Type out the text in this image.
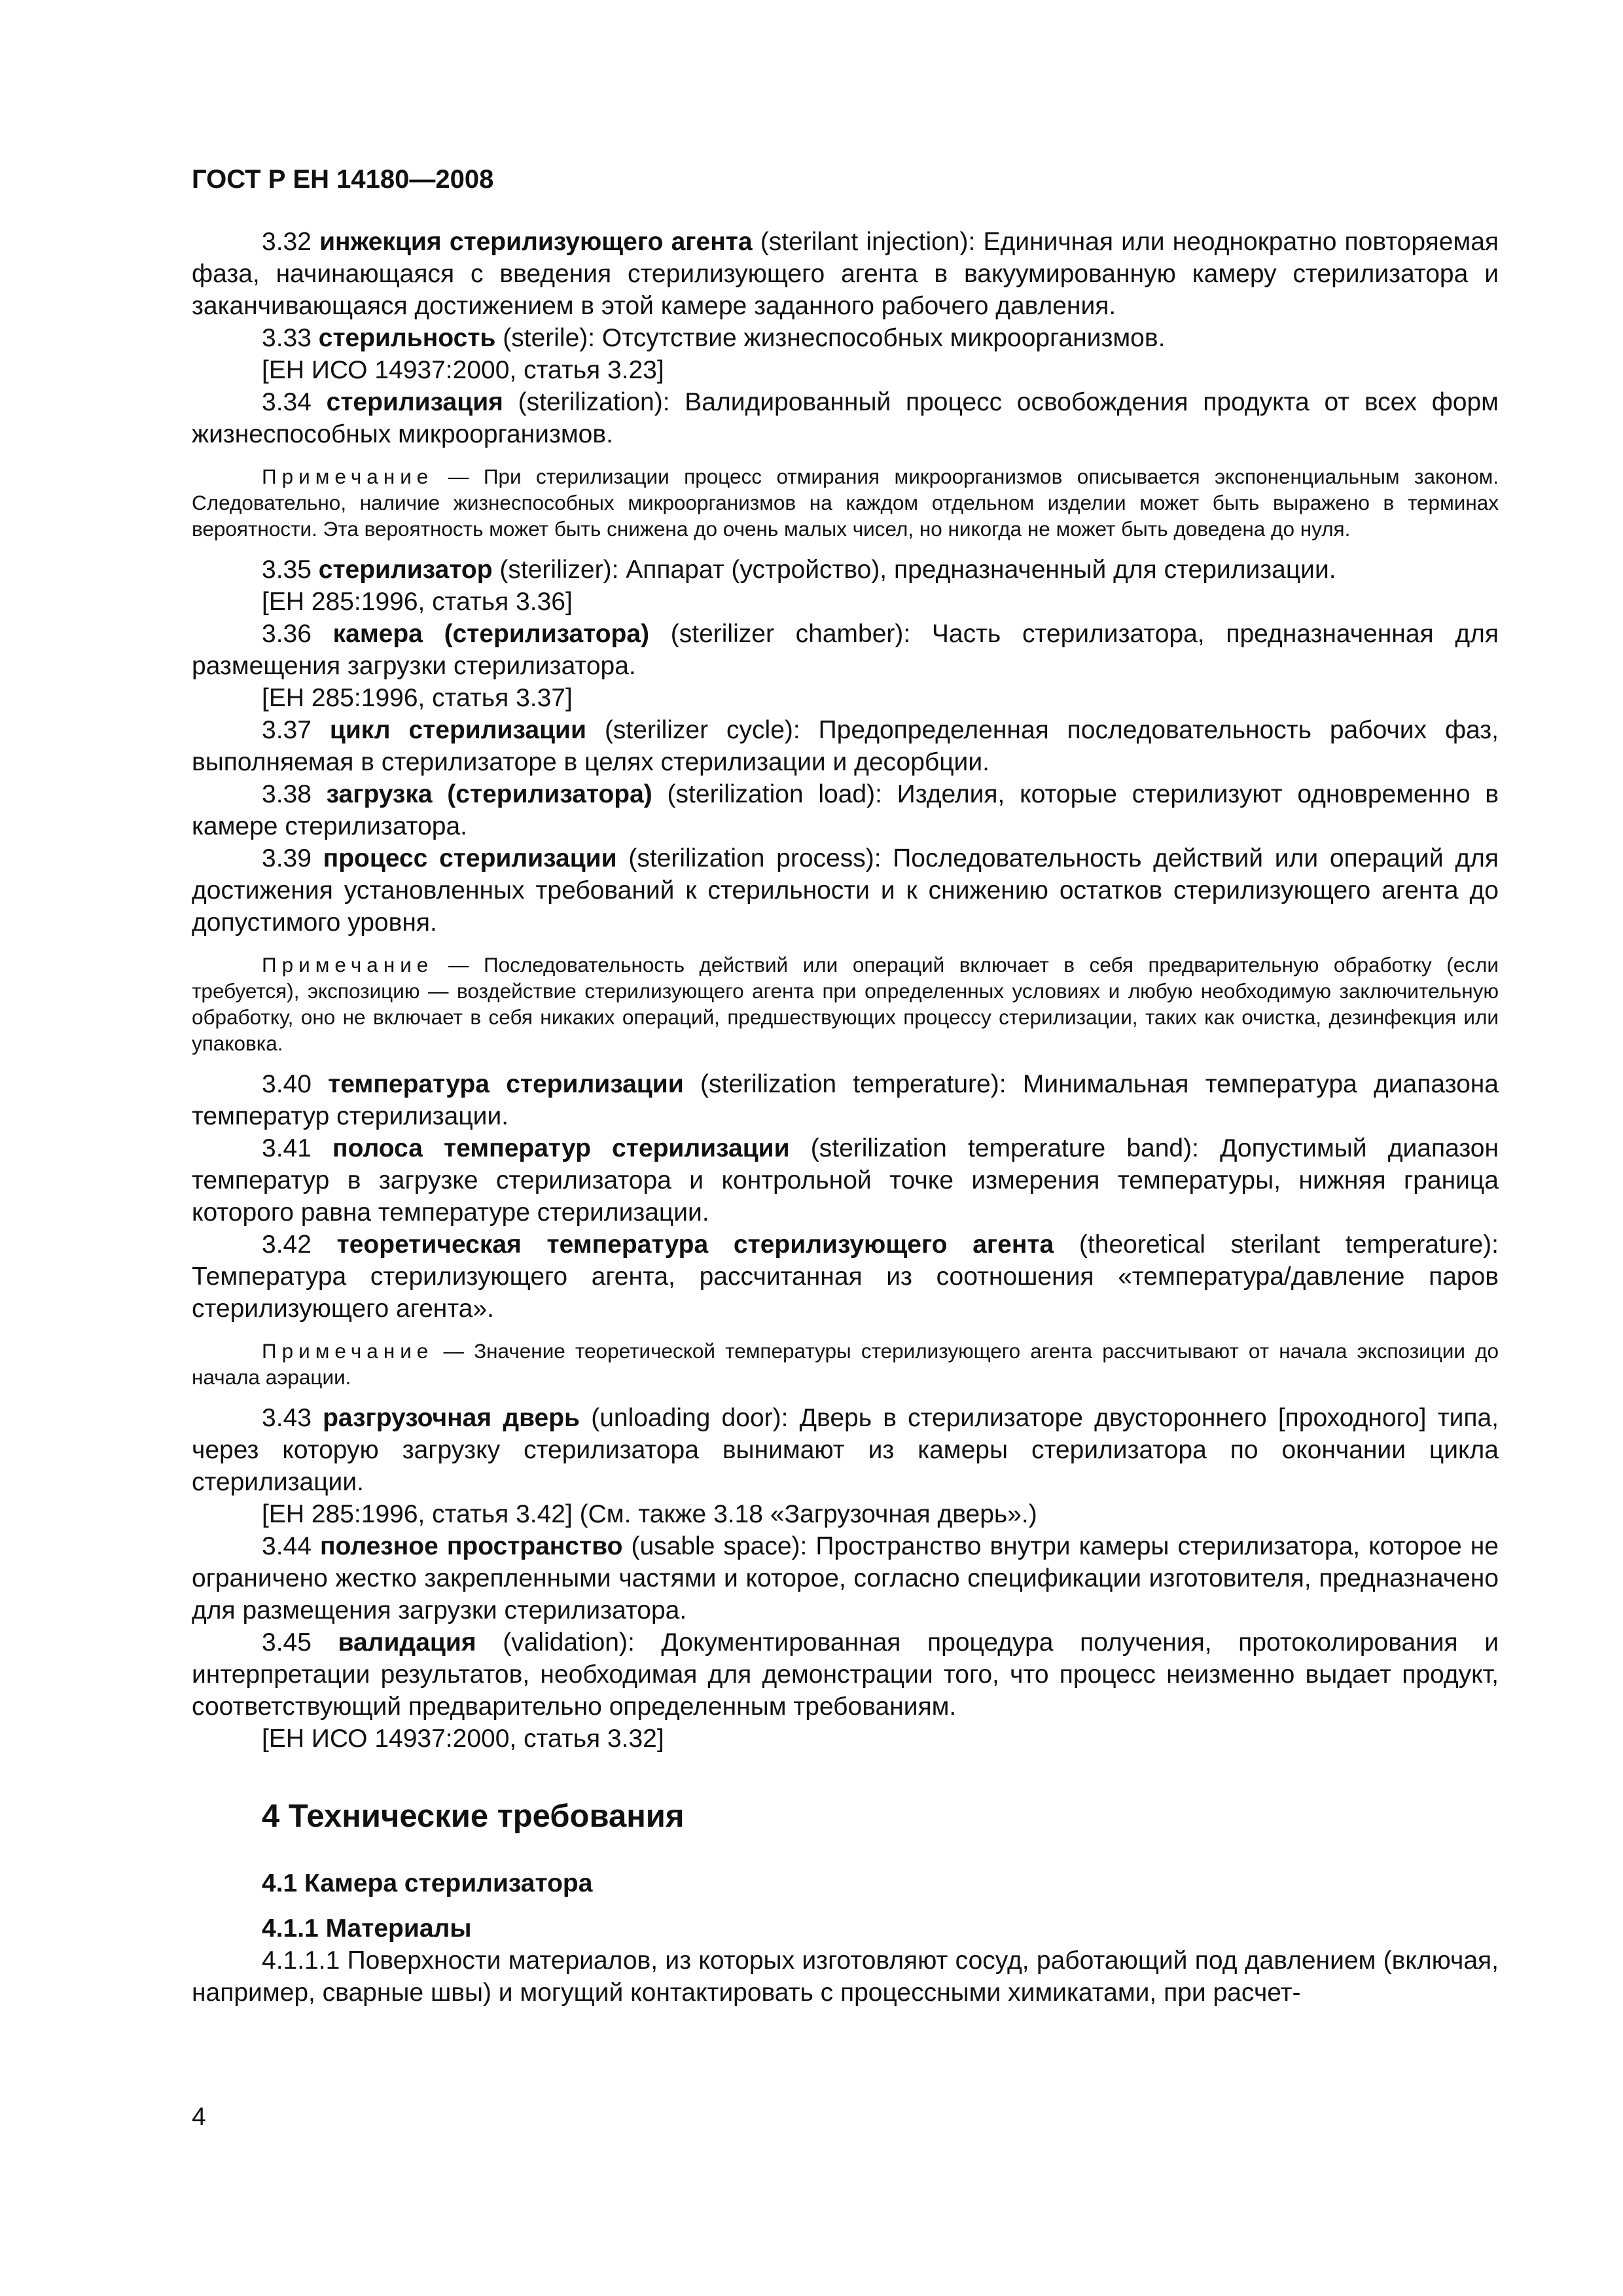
ГОСТ Р ЕН 14180—2008

3.32 инжекция стерилизующего агента (sterilant injection): Единичная или неоднократно повторяемая фаза, начинающаяся с введения стерилизующего агента в вакуумированную камеру стерилизатора и заканчивающаяся достижением в этой камере заданного рабочего давления.

3.33 стерильность (sterile): Отсутствие жизнеспособных микроорганизмов.

[ЕН ИСО 14937:2000, статья 3.23]

3.34 стерилизация (sterilization): Валидированный процесс освобождения продукта от всех форм жизнеспособных микроорганизмов.

Примечание — При стерилизации процесс отмирания микроорганизмов описывается экспоненциальным законом. Следовательно, наличие жизнеспособных микроорганизмов на каждом отдельном изделии может быть выражено в терминах вероятности. Эта вероятность может быть снижена до очень малых чисел, но никогда не может быть доведена до нуля.

3.35 стерилизатор (sterilizer): Аппарат (устройство), предназначенный для стерилизации.

[ЕН 285:1996, статья 3.36]

3.36 камера (стерилизатора) (sterilizer chamber): Часть стерилизатора, предназначенная для размещения загрузки стерилизатора.

[ЕН 285:1996, статья 3.37]

3.37 цикл стерилизации (sterilizer cycle): Предопределенная последовательность рабочих фаз, выполняемая в стерилизаторе в целях стерилизации и десорбции.

3.38 загрузка (стерилизатора) (sterilization load): Изделия, которые стерилизуют одновременно в камере стерилизатора.

3.39 процесс стерилизации (sterilization process): Последовательность действий или операций для достижения установленных требований к стерильности и к снижению остатков стерилизующего агента до допустимого уровня.

Примечание — Последовательность действий или операций включает в себя предварительную обработку (если требуется), экспозицию — воздействие стерилизующего агента при определенных условиях и любую необходимую заключительную обработку, оно не включает в себя никаких операций, предшествующих процессу стерилизации, таких как очистка, дезинфекция или упаковка.

3.40 температура стерилизации (sterilization temperature): Минимальная температура диапазона температур стерилизации.

3.41 полоса температур стерилизации (sterilization temperature band): Допустимый диапазон температур в загрузке стерилизатора и контрольной точке измерения температуры, нижняя граница которого равна температуре стерилизации.

3.42 теоретическая температура стерилизующего агента (theoretical sterilant temperature): Температура стерилизующего агента, рассчитанная из соотношения «температура/давление паров стерилизующего агента».

Примечание — Значение теоретической температуры стерилизующего агента рассчитывают от начала экспозиции до начала аэрации.

3.43 разгрузочная дверь (unloading door): Дверь в стерилизаторе двустороннего [проходного] типа, через которую загрузку стерилизатора вынимают из камеры стерилизатора по окончании цикла стерилизации.

[ЕН 285:1996, статья 3.42] (См. также 3.18 «Загрузочная дверь».)

3.44 полезное пространство (usable space): Пространство внутри камеры стерилизатора, которое не ограничено жестко закрепленными частями и которое, согласно спецификации изготовителя, предназначено для размещения загрузки стерилизатора.

3.45 валидация (validation): Документированная процедура получения, протоколирования и интерпретации результатов, необходимая для демонстрации того, что процесс неизменно выдает продукт, соответствующий предварительно определенным требованиям.

[ЕН ИСО 14937:2000, статья 3.32]

4 Технические требования
4.1 Камера стерилизатора
4.1.1 Материалы

4.1.1.1 Поверхности материалов, из которых изготовляют сосуд, работающий под давлением (включая, например, сварные швы) и могущий контактировать с процессными химикатами, при расчет-

4
